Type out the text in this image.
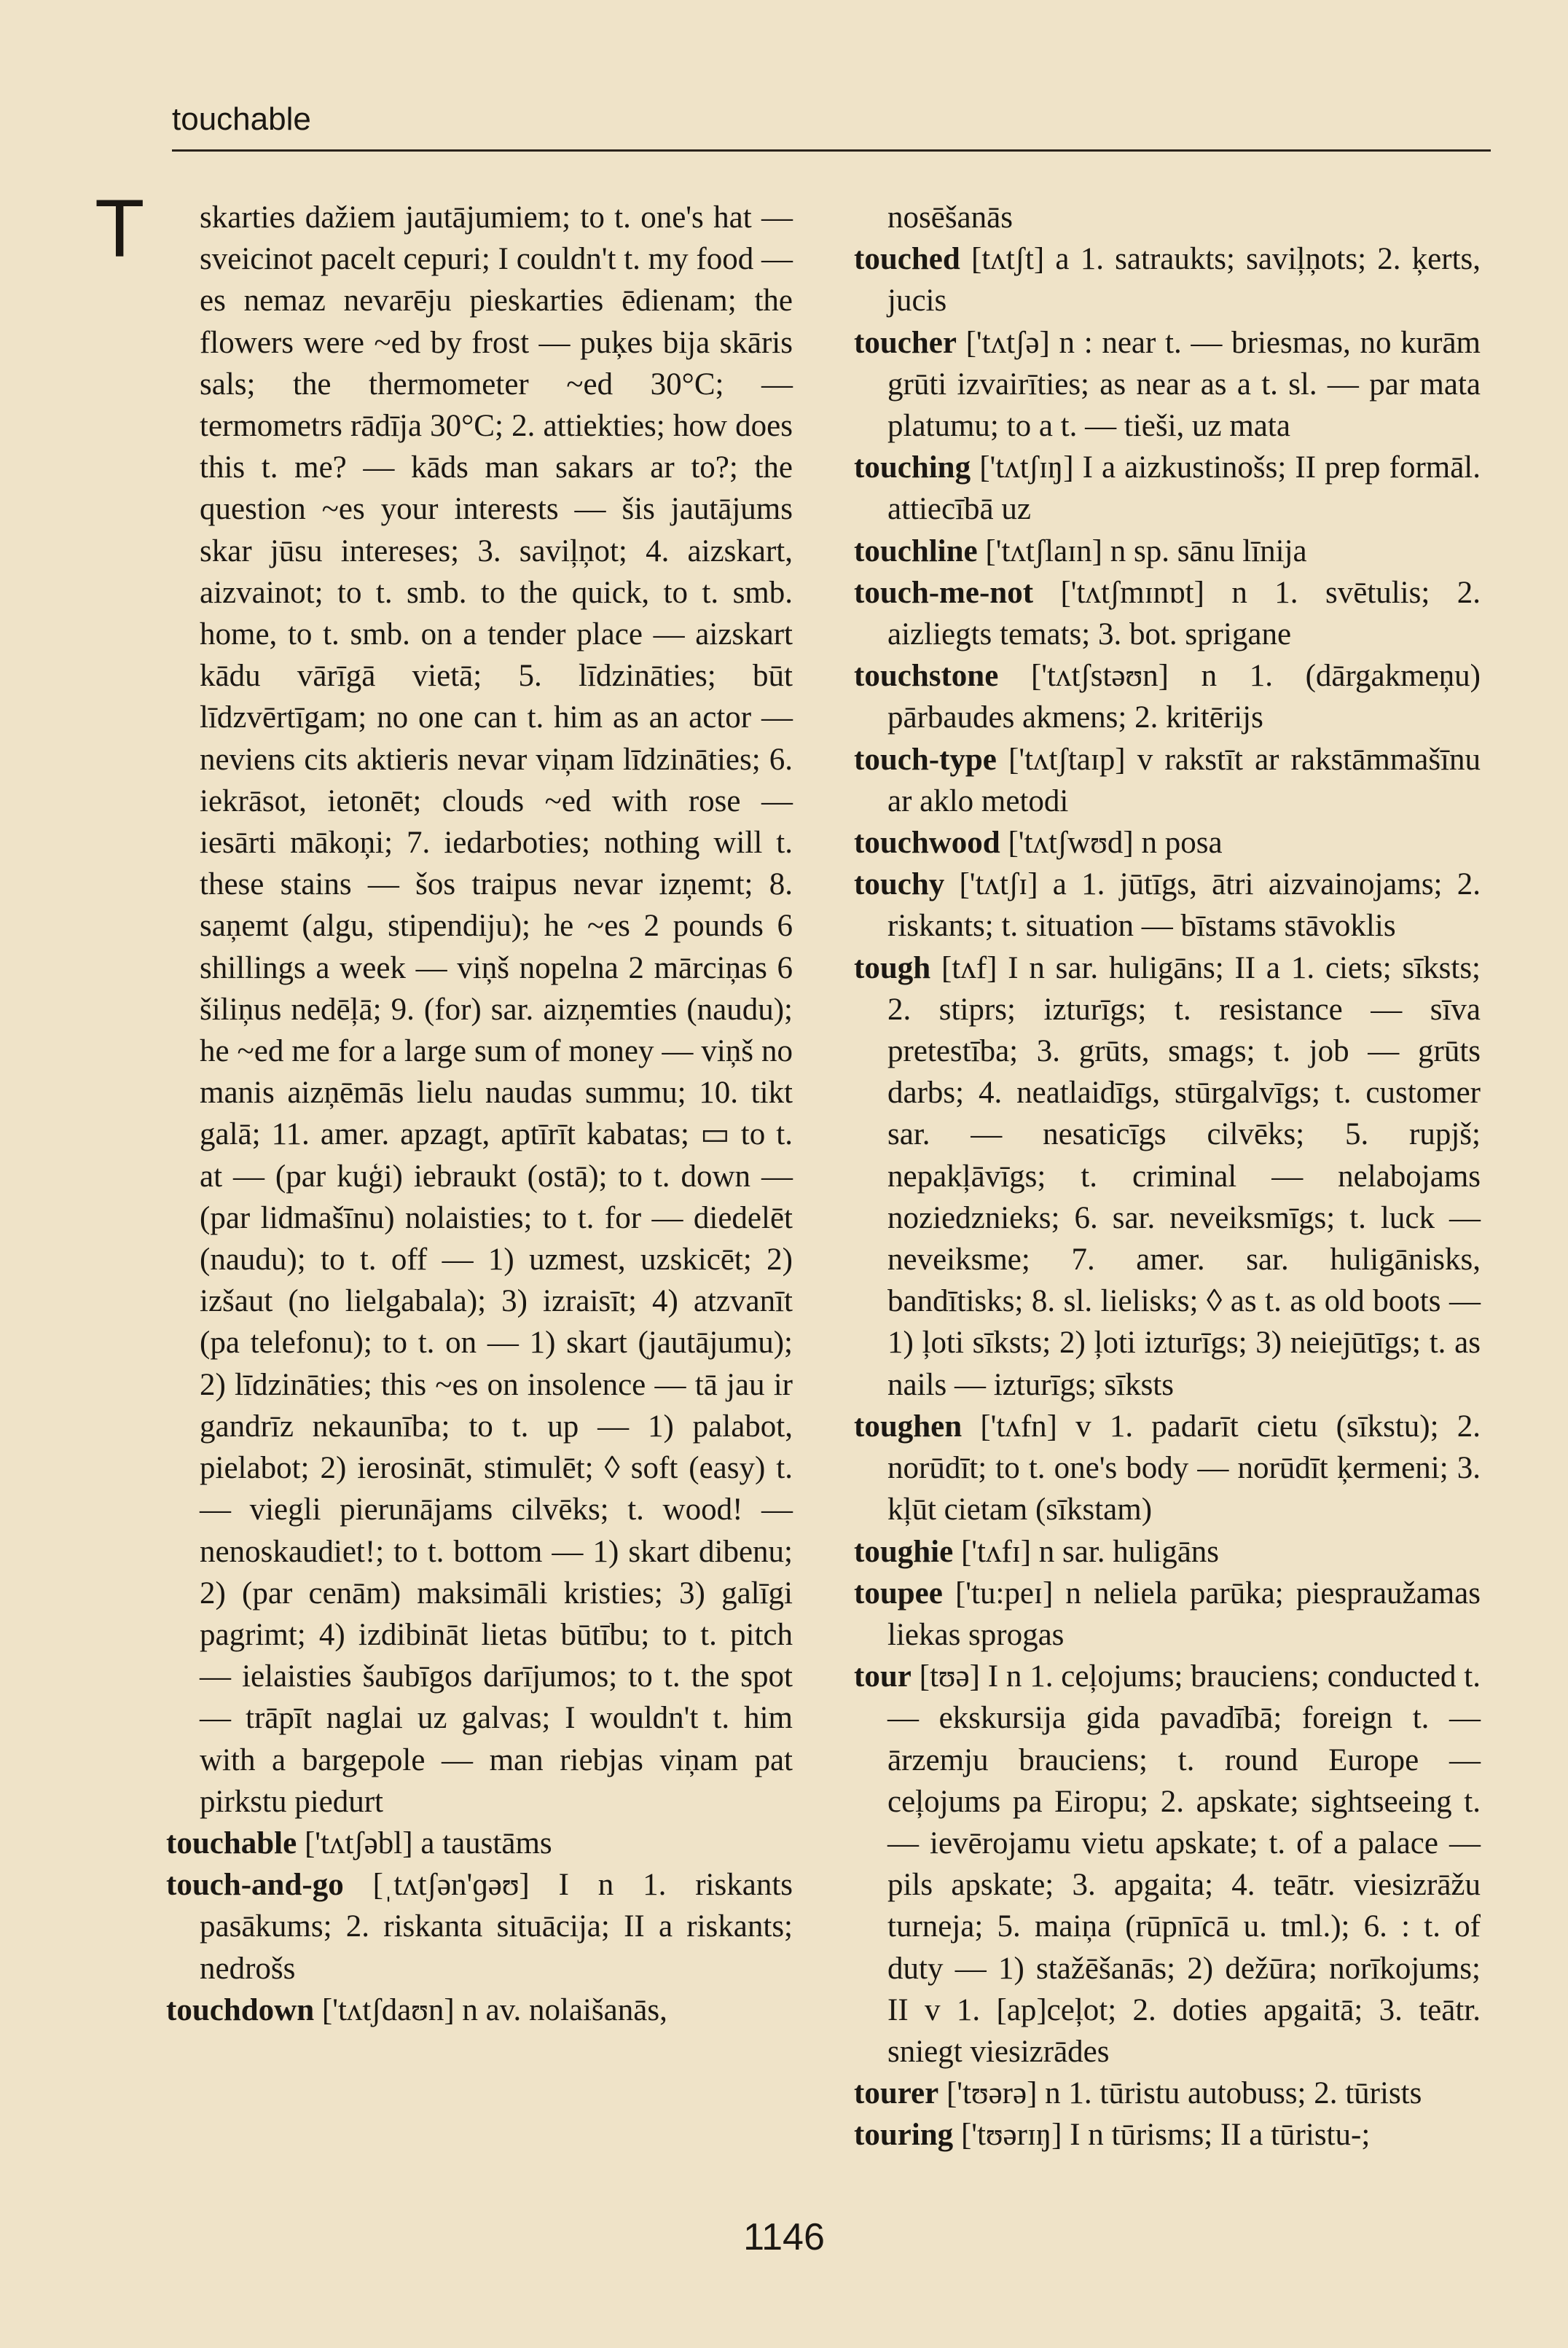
touchable
T	skarties dažiem jautājumiem; to t. one's hat — sveicinot pacelt cepuri; I couldn't t. my food — es nemaz nevarēju pieskarties ēdienam; the flowers were ~ed by frost — puķes bija skāris sals; the thermometer ~ed 30°C; — termometrs rādīja 30°C; 2. attiekties; how does this t. me? — kāds man sakars ar to?; the question ~es your interests — šis jautājums skar jūsu intereses; 3. saviļņot; 4. aizskart, aizvainot; to t. smb. to the quick, to t. smb. home, to t. smb. on a tender place — aizskart kādu vārīgā vietā; 5. līdzināties; būt līdzvērtīgam; no one can t. him as an actor — neviens cits aktieris nevar viņam līdzināties; 6. iekrāsot, ietonēt; clouds ~ed with rose — iesārti mākoņi; 7. iedarboties; nothing will t. these stains — šos traipus nevar izņemt; 8. saņemt (algu, stipendiju); he ~es 2 pounds 6 shillings a week — viņš nopelna 2 mārciņas 6 šiliņus nedēļā; 9. (for) sar. aizņemties (naudu); he ~ed me for a large sum of money — viņš no manis aizņēmās lielu naudas summu; 10. tikt galā; 11. amer. apzagt, aptīrīt kabatas; ▭ to t. at — (par kuģi) iebraukt (ostā); to t. down — (par lidmašīnu) nolaisties; to t. for — diedelēt (naudu); to t. off — 1) uzmest, uzskicēt; 2) izšaut (no lielgabala); 3) izraisīt; 4) atzvanīt (pa telefonu); to t. on — 1) skart (jautājumu); 2) līdzināties; this ~es on insolence — tā jau ir gandrīz nekaunība; to t. up — 1) palabot, pielabot; 2) ierosināt, stimulēt; ◊ soft (easy) t. — viegli pierunājams cilvēks; t. wood! — nenoskaudiet!; to t. bottom — 1) skart dibenu; 2) (par cenām) maksimāli kristies; 3) galīgi pagrimt; 4) izdibināt lietas būtību; to t. pitch — ielaisties šaubīgos darījumos; to t. the spot — trāpīt naglai uz galvas; I wouldn't t. him with a bargepole — man riebjas viņam pat pirkstu piedurt

touchable ['tʌtʃəbl] a taustāms

touch-and-go [ˌtʌtʃən'ɡəʊ] I n 1. riskants pasākums; 2. riskanta situācija; II a riskants; nedrošs

touchdown ['tʌtʃdaʊn] n av. nolaišanās,

nosēšanās

touched [tʌtʃt] a 1. satraukts; saviļņots; 2. ķerts, jucis

toucher ['tʌtʃə] n : near t. — briesmas, no kurām grūti izvairīties; as near as a t. sl. — par mata platumu; to a t. — tieši, uz mata

touching ['tʌtʃɪŋ] I a aizkustinošs; II prep formāl. attiecībā uz

touchline ['tʌtʃlaɪn] n sp. sānu līnija

touch-me-not ['tʌtʃmɪnɒt] n 1. svētulis; 2. aizliegts temats; 3. bot. sprigane

touchstone ['tʌtʃstəʊn] n 1. (dārgakmeņu) pārbaudes akmens; 2. kritērijs

touch-type ['tʌtʃtaɪp] v rakstīt ar rakstāmmašīnu ar aklo metodi

touchwood ['tʌtʃwʊd] n posa

touchy ['tʌtʃɪ] a 1. jūtīgs, ātri aizvainojams; 2. riskants; t. situation — bīstams stāvoklis

tough [tʌf] I n sar. huligāns; II a 1. ciets; sīksts; 2. stiprs; izturīgs; t. resistance — sīva pretestība; 3. grūts, smags; t. job — grūts darbs; 4. neatlaidīgs, stūrgalvīgs; t. customer sar. — nesaticīgs cilvēks; 5. rupjš; nepakļāvīgs; t. criminal — nelabojams noziedznieks; 6. sar. neveiksmīgs; t. luck — neveiksme; 7. amer. sar. huligānisks, bandītisks; 8. sl. lielisks; ◊ as t. as old boots — 1) ļoti sīksts; 2) ļoti izturīgs; 3) neiejūtīgs; t. as nails — izturīgs; sīksts

toughen ['tʌfn] v 1. padarīt cietu (sīkstu); 2. norūdīt; to t. one's body — norūdīt ķermeni; 3. kļūt cietam (sīkstam)

toughie ['tʌfɪ] n sar. huligāns

toupee ['tu:peɪ] n neliela parūka; piespraužamas liekas sprogas

tour [tʊə] I n 1. ceļojums; brauciens; conducted t. — ekskursija gida pavadībā; foreign t. — ārzemju brauciens; t. round Europe — ceļojums pa Eiropu; 2. apskate; sightseeing t. — ievērojamu vietu apskate; t. of a palace — pils apskate; 3. apgaita; 4. teātr. viesizrāžu turneja; 5. maiņa (rūpnīcā u. tml.); 6. : t. of duty — 1) stažēšanās; 2) dežūra; norīkojums; II v 1. [ap]ceļot; 2. doties apgaitā; 3. teātr. sniegt viesizrādes

tourer ['tʊərə] n 1. tūristu autobuss; 2. tūrists

touring ['tʊərɪŋ] I n tūrisms; II a tūristu-;

1146
